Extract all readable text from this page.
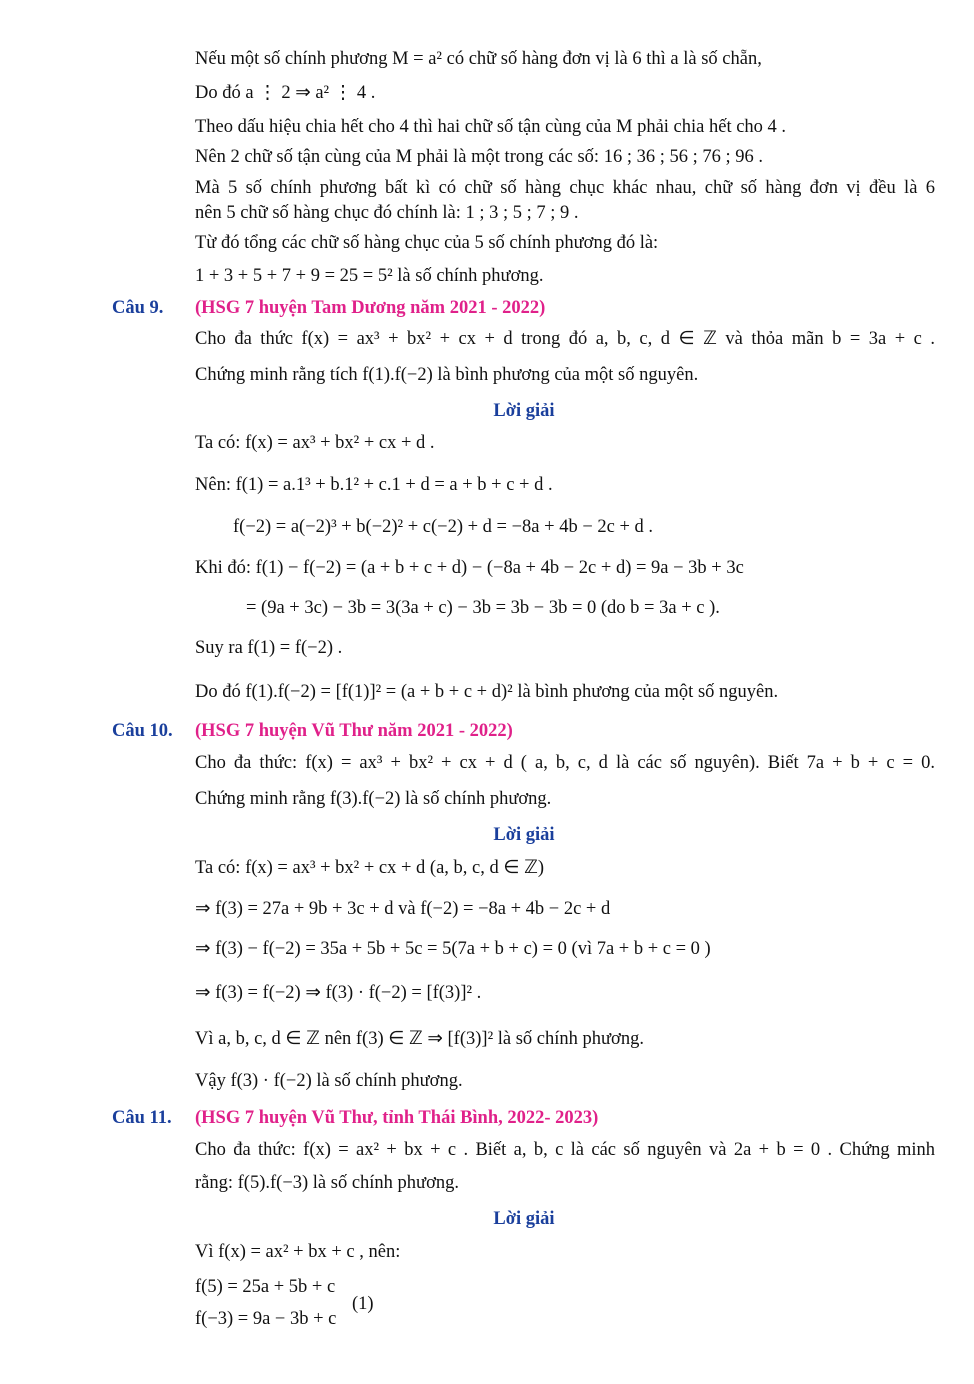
Nếu một số chính phương M = a² có chữ số hàng đơn vị là 6 thì a là số chẵn,
Do đó a ⋮ 2 ⇒ a² ⋮ 4 .
Theo dấu hiệu chia hết cho 4 thì hai chữ số tận cùng của M phải chia hết cho 4 .
Nên 2 chữ số tận cùng của M phải là một trong các số: 16 ; 36 ; 56 ; 76 ; 96 .
Mà 5 số chính phương bất kì có chữ số hàng chục khác nhau, chữ số hàng đơn vị đều là 6
nên 5 chữ số hàng chục đó chính là: 1 ; 3 ; 5 ; 7 ; 9 .
Từ đó tổng các chữ số hàng chục của 5 số chính phương đó là:
1 + 3 + 5 + 7 + 9 = 25 = 5² là số chính phương.
Câu 9. (HSG 7 huyện Tam Dương năm 2021 - 2022)
Cho đa thức f(x) = ax³ + bx² + cx + d trong đó a, b, c, d ∈ ℤ và thỏa mãn b = 3a + c .
Chứng minh rằng tích f(1).f(−2) là bình phương của một số nguyên.
Lời giải
Ta có: f(x) = ax³ + bx² + cx + d .
Nên: f(1) = a.1³ + b.1² + c.1 + d = a + b + c + d .
f(−2) = a(−2)³ + b(−2)² + c(−2) + d = −8a + 4b − 2c + d .
Khi đó: f(1) − f(−2) = (a + b + c + d) − (−8a + 4b − 2c + d) = 9a − 3b + 3c
= (9a + 3c) − 3b = 3(3a + c) − 3b = 3b − 3b = 0 (do b = 3a + c ).
Suy ra f(1) = f(−2) .
Do đó f(1).f(−2) = [f(1)]² = (a + b + c + d)² là bình phương của một số nguyên.
Câu 10. (HSG 7 huyện Vũ Thư năm 2021 - 2022)
Cho đa thức: f(x) = ax³ + bx² + cx + d ( a, b, c, d là các số nguyên). Biết 7a + b + c = 0.
Chứng minh rằng f(3).f(−2) là số chính phương.
Lời giải
Ta có: f(x) = ax³ + bx² + cx + d (a, b, c, d ∈ ℤ)
⇒ f(3) = 27a + 9b + 3c + d và f(−2) = −8a + 4b − 2c + d
⇒ f(3) − f(−2) = 35a + 5b + 5c = 5(7a + b + c) = 0 (vì 7a + b + c = 0 )
⇒ f(3) = f(−2) ⇒ f(3) · f(−2) = [f(3)]² .
Vì a, b, c, d ∈ ℤ nên f(3) ∈ ℤ ⇒ [f(3)]² là số chính phương.
Vậy f(3) · f(−2) là số chính phương.
Câu 11. (HSG 7 huyện Vũ Thư, tỉnh Thái Bình, 2022- 2023)
Cho đa thức: f(x) = ax² + bx + c . Biết a, b, c là các số nguyên và 2a + b = 0 . Chứng minh
rằng: f(5).f(−3) là số chính phương.
Lời giải
Vì f(x) = ax² + bx + c , nên:
f(5) = 25a + 5b + c
(1)
f(−3) = 9a − 3b + c
